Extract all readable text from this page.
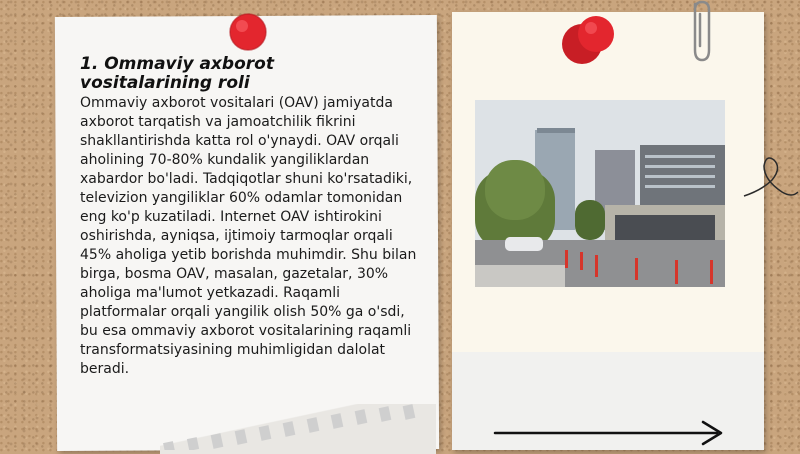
1. Ommaviy axborot vositalarining roli
Ommaviy axborot vositalari (OAV) jamiyatda axborot tarqatish va jamoatchilik fikrini shakllantirishda katta rol o'ynaydi. OAV orqali aholining 70-80% kundalik yangiliklardan xabardor bo'ladi. Tadqiqotlar shuni ko'rsatadiki, televizion yangiliklar 60% odamlar tomonidan eng ko'p kuzatiladi. Internet OAV ishtirokini oshirishda, ayniqsa, ijtimoiy tarmoqlar orqali 45% aholiga yetib borishda muhimdir. Shu bilan birga, bosma OAV, masalan, gazetalar, 30% aholiga ma'lumot yetkazadi. Raqamli platformalar orqali yangilik olish 50% ga o'sdi, bu esa ommaviy axborot vositalarining raqamli transformatsiyasining muhimligidan dalolat beradi.
